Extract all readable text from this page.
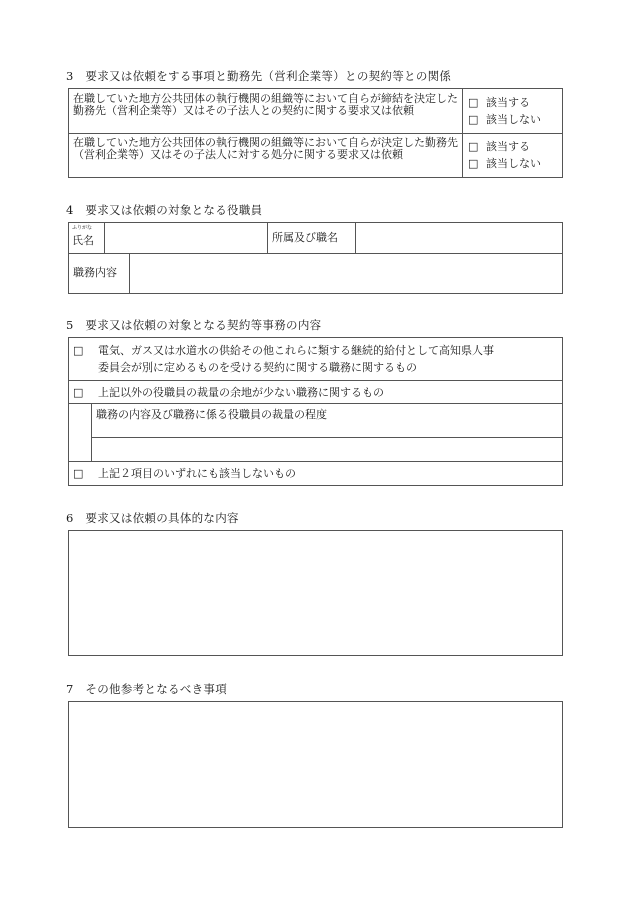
3　要求又は依頼をする事項と勤務先（営利企業等）との契約等との関係
在職していた地方公共団体の執行機関の組織等において自らが締結を決定した勤務先（営利企業等）又はその子法人との契約に関する要求又は依頼
□ 該当する
□ 該当しない
在職していた地方公共団体の執行機関の組織等において自らが決定した勤務先（営利企業等）又はその子法人に対する処分に関する要求又は依頼
□ 該当する
□ 該当しない
4　要求又は依頼の対象となる役職員
ふりがな
氏名	所属及び職名
職務内容
5　要求又は依頼の対象となる契約等事務の内容
□ 電気、ガス又は水道水の供給その他これらに類する継続的給付として高知県人事
委員会が別に定めるものを受ける契約に関する職務に関するもの
□ 上記以外の役職員の裁量の余地が少ない職務に関するもの
職務の内容及び職務に係る役職員の裁量の程度
□ 上記２項目のいずれにも該当しないもの
6　要求又は依頼の具体的な内容
7　その他参考となるべき事項
